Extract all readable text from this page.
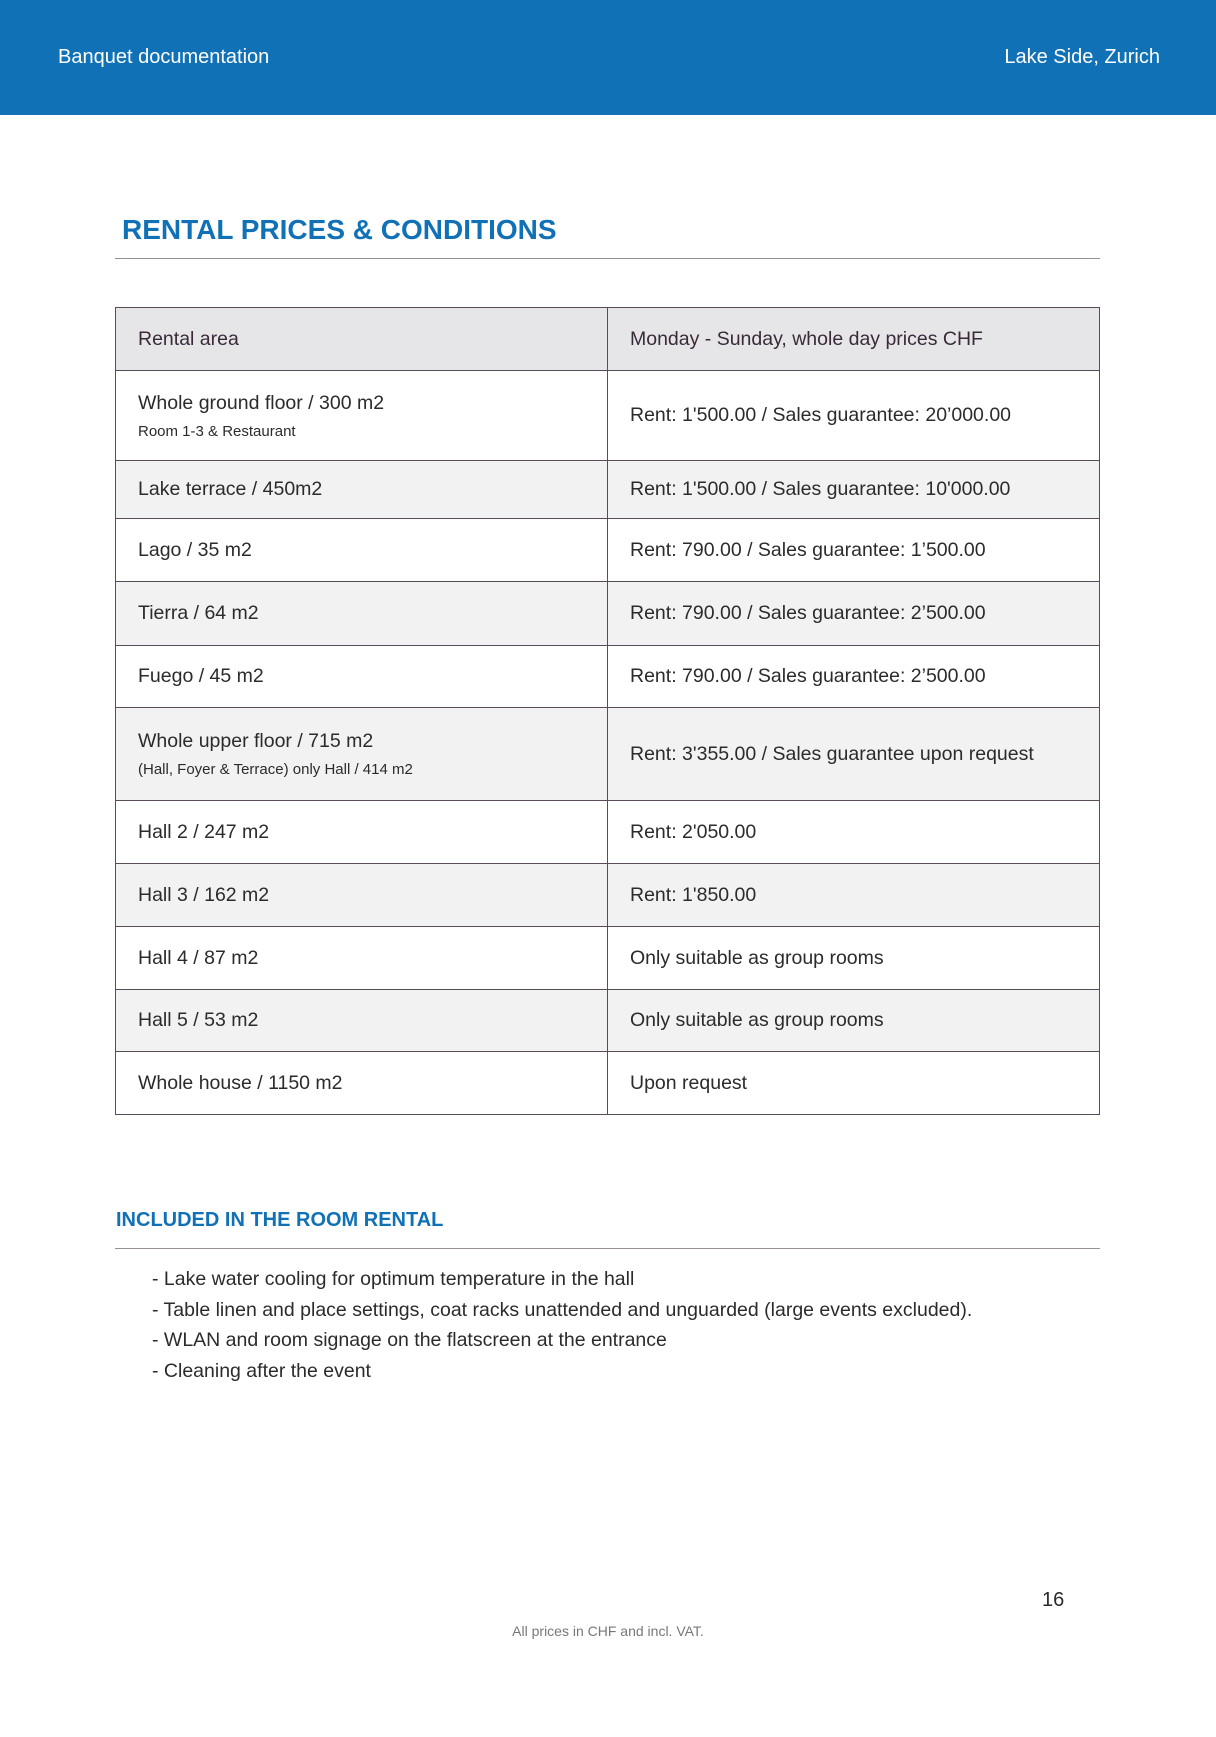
Banquet documentation	Lake Side, Zurich
RENTAL PRICES & CONDITIONS
Rental area	Monday - Sunday, whole day prices CHF

Whole ground floor / 300 m2
Room 1-3 & Restaurant	Rent: 1'500.00 / Sales guarantee: 20’000.00

Lake terrace / 450m2	Rent: 1'500.00 / Sales guarantee: 10'000.00

Lago / 35 m2	Rent: 790.00 / Sales guarantee: 1’500.00

Tierra / 64 m2	Rent: 790.00 / Sales guarantee: 2’500.00

Fuego / 45 m2	Rent: 790.00 / Sales guarantee: 2’500.00

Whole upper floor / 715 m2
(Hall, Foyer & Terrace) only Hall / 414 m2	Rent: 3'355.00 / Sales guarantee upon request

Hall 2 / 247 m2	Rent: 2'050.00

Hall 3 / 162 m2	Rent: 1'850.00

Hall 4 / 87 m2	Only suitable as group rooms

Hall 5 / 53 m2	Only suitable as group rooms

Whole house / 1150 m2	Upon request
INCLUDED IN THE ROOM RENTAL
- Lake water cooling for optimum temperature in the hall
- Table linen and place settings, coat racks unattended and unguarded (large events excluded).
- WLAN and room signage on the flatscreen at the entrance
- Cleaning after the event
16
All prices in CHF and incl. VAT.
